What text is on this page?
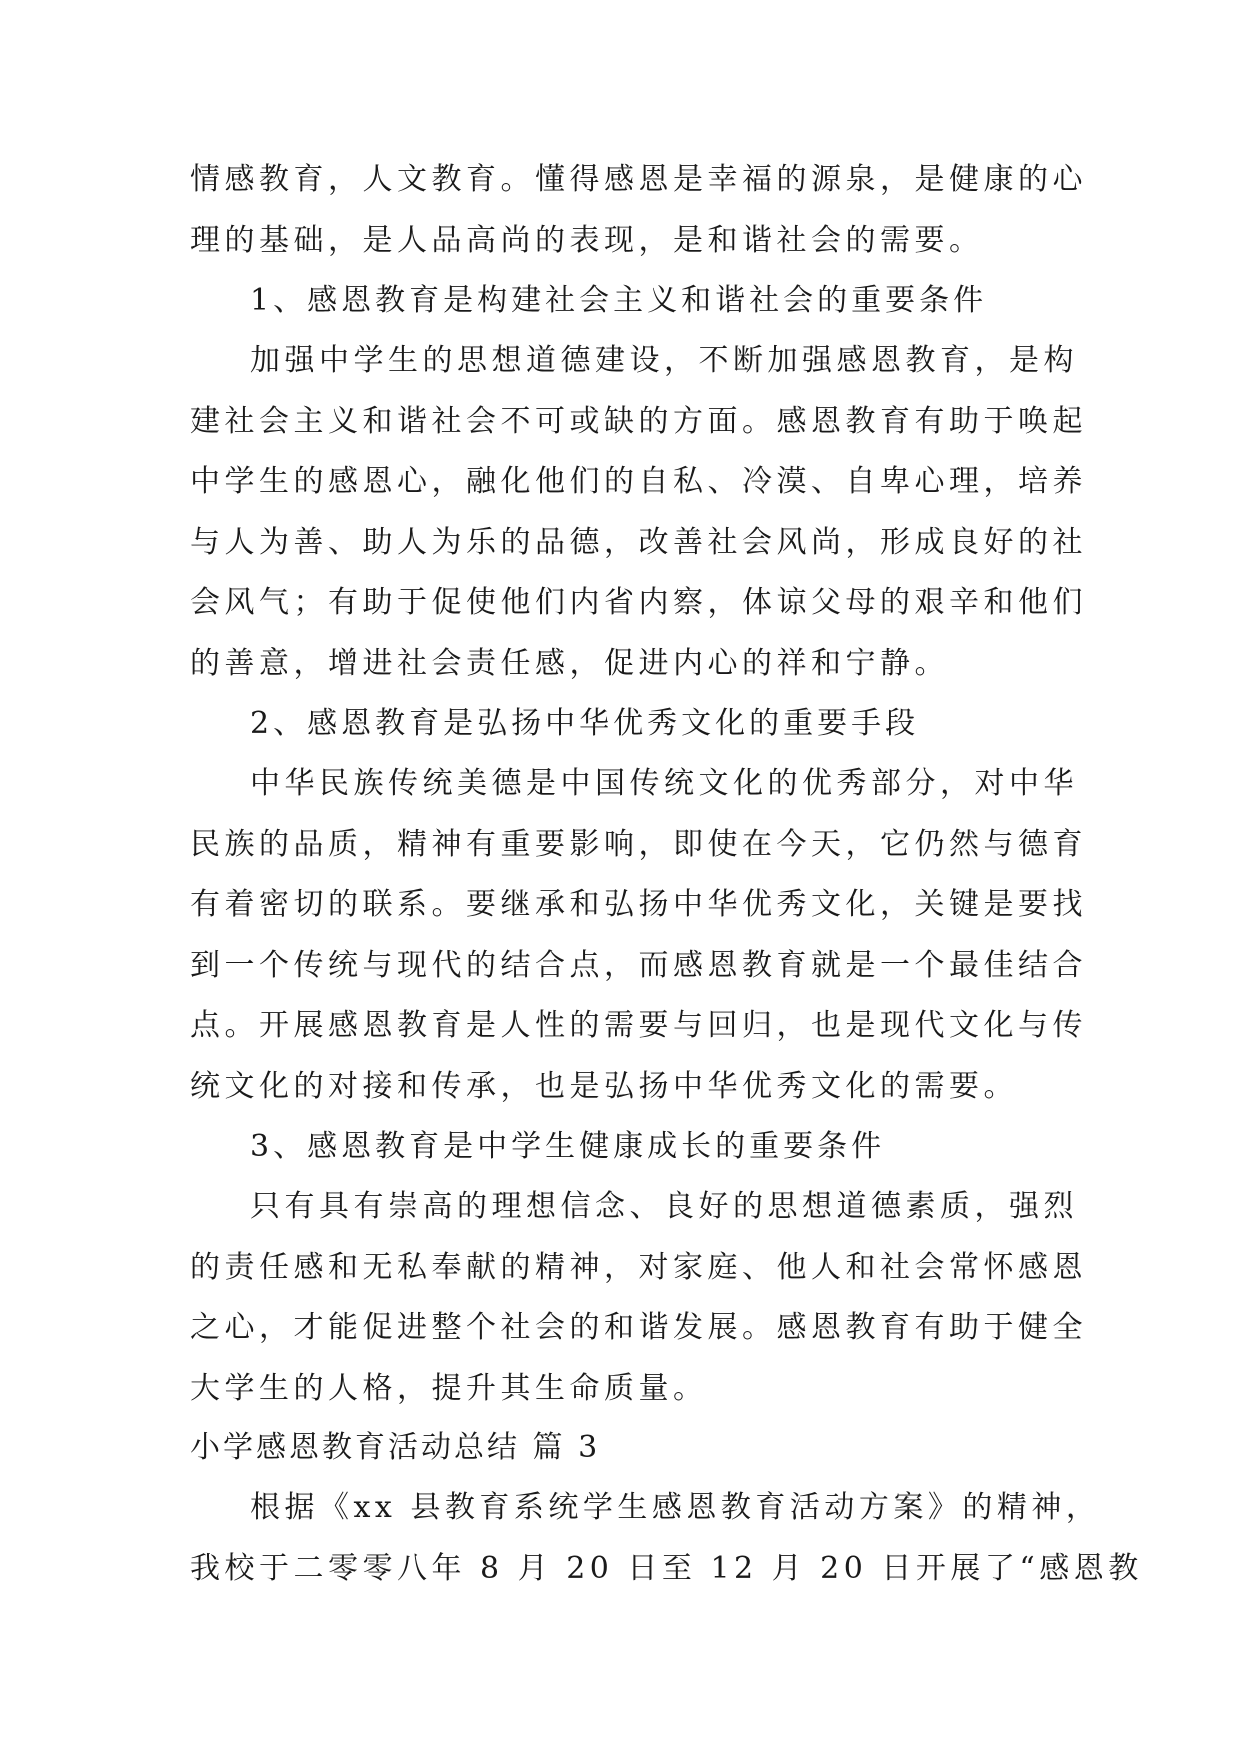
情感教育，人文教育。懂得感恩是幸福的源泉，是健康的心
理的基础，是人品高尚的表现，是和谐社会的需要。
1、感恩教育是构建社会主义和谐社会的重要条件
加强中学生的思想道德建设，不断加强感恩教育，是构
建社会主义和谐社会不可或缺的方面。感恩教育有助于唤起
中学生的感恩心，融化他们的自私、冷漠、自卑心理，培养
与人为善、助人为乐的品德，改善社会风尚，形成良好的社
会风气；有助于促使他们内省内察，体谅父母的艰辛和他们
的善意，增进社会责任感，促进内心的祥和宁静。
2、感恩教育是弘扬中华优秀文化的重要手段
中华民族传统美德是中国传统文化的优秀部分，对中华
民族的品质，精神有重要影响，即使在今天，它仍然与德育
有着密切的联系。要继承和弘扬中华优秀文化，关键是要找
到一个传统与现代的结合点，而感恩教育就是一个最佳结合
点。开展感恩教育是人性的需要与回归，也是现代文化与传
统文化的对接和传承，也是弘扬中华优秀文化的需要。
3、感恩教育是中学生健康成长的重要条件
只有具有崇高的理想信念、良好的思想道德素质，强烈
的责任感和无私奉献的精神，对家庭、他人和社会常怀感恩
之心，才能促进整个社会的和谐发展。感恩教育有助于健全
大学生的人格，提升其生命质量。
小学感恩教育活动总结 篇 3
根据《xx 县教育系统学生感恩教育活动方案》的精神，
我校于二零零八年 8 月 20 日至 12 月 20 日开展了“感恩教
